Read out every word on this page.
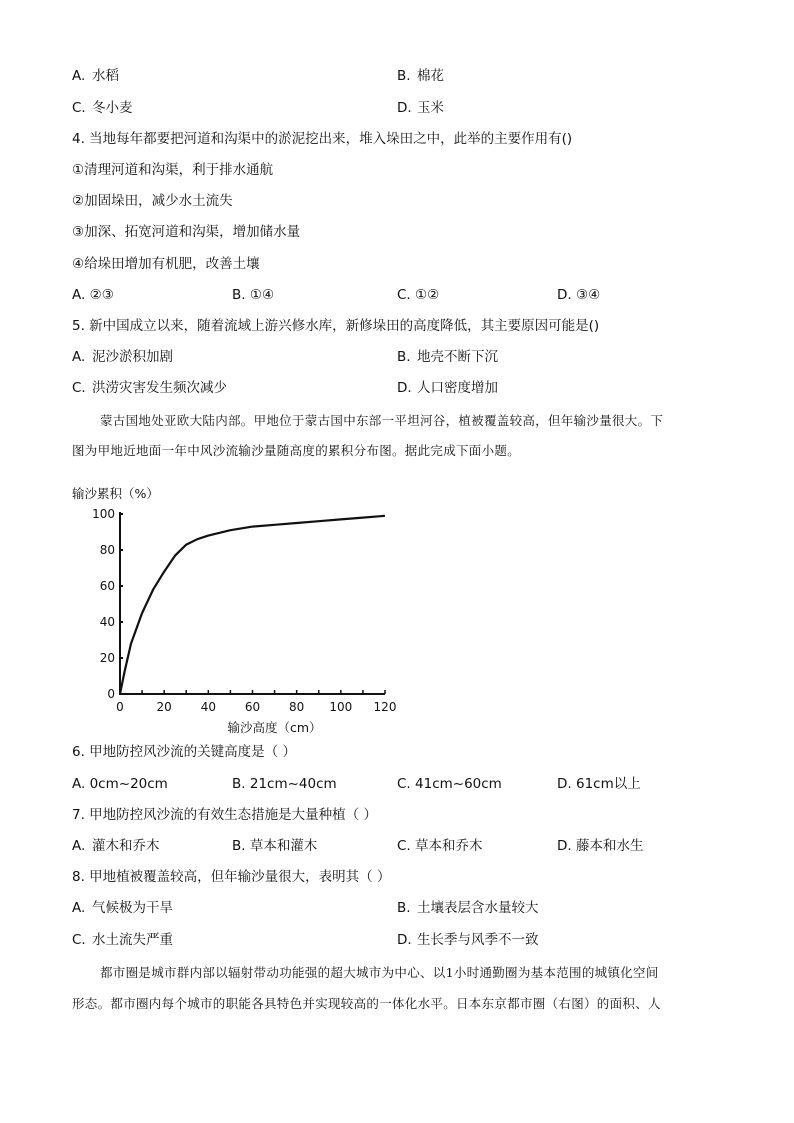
A. 水稻	B. 棉花
C. 冬小麦	D. 玉米
4. 当地每年都要把河道和沟渠中的淤泥挖出来，堆入垛田之中，此举的主要作用有()
①清理河道和沟渠，利于排水通航
②加固垛田，减少水土流失
③加深、拓宽河道和沟渠，增加储水量
④给垛田增加有机肥，改善土壤
A. ②③	B. ①④	C. ①②	D. ③④
5. 新中国成立以来，随着流域上游兴修水库，新修垛田的高度降低，其主要原因可能是()
A. 泥沙淤积加剧	B. 地壳不断下沉
C. 洪涝灾害发生频次减少	D. 人口密度增加
蒙古国地处亚欧大陆内部。甲地位于蒙古国中东部一平坦河谷，植被覆盖较高，但年输沙量很大。下
图为甲地近地面一年中风沙流输沙量随高度的累积分布图。据此完成下面小题。
输沙累积（%）
0
20
40
60
80
100
0	20 40 60 80 100 120
输沙高度（cm）
6. 甲地防控风沙流的关键高度是（ ）
A. 0cm~20cm	B. 21cm~40cm	C. 41cm~60cm	D. 61cm以上
7. 甲地防控风沙流的有效生态措施是大量种植（ ）
A. 灌木和乔木	B. 草本和灌木	C. 草本和乔木	D. 藤本和水生
8. 甲地植被覆盖较高，但年输沙量很大，表明其（ ）
A. 气候极为干旱	B. 土壤表层含水量较大
C. 水土流失严重	D. 生长季与风季不一致
都市圈是城市群内部以辐射带动功能强的超大城市为中心、以1小时通勤圈为基本范围的城镇化空间
形态。都市圈内每个城市的职能各具特色并实现较高的一体化水平。日本东京都市圈（右图）的面积、人
